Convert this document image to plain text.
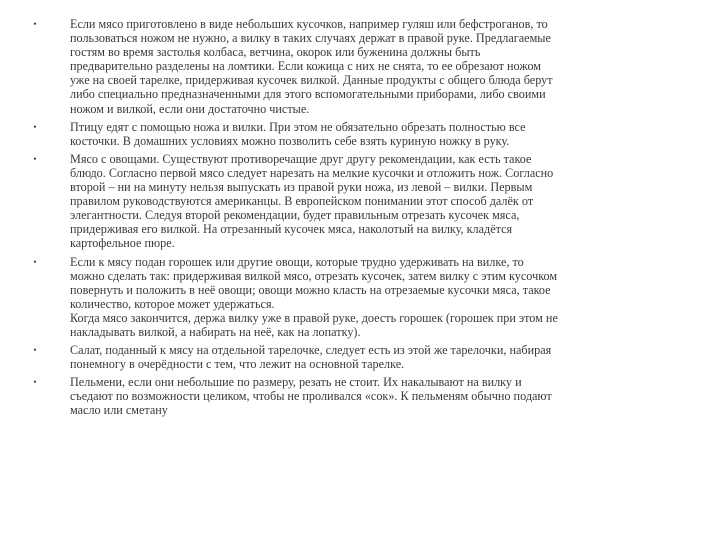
•	Если мясо приготовлено в виде небольших кусочков, например гуляш или бефстроганов, то
пользоваться ножом не нужно, а вилку в таких случаях держат в правой руке. Предлагаемые
гостям во время застолья колбаса, ветчина, окорок или буженина должны быть
предварительно разделены на ломтики. Если кожица с них не снята, то ее обрезают ножом
уже на своей тарелке, придерживая кусочек вилкой. Данные продукты с общего блюда берут
либо специально предназначенными для этого вспомогательными приборами, либо своими
ножом и вилкой, если они достаточно чистые.
•	Птицу едят с помощью ножа и вилки. При этом не обязательно обрезать полностью все
косточки. В домашних условиях можно позволить себе взять куриную ножку в руку.
•	Мясо с овощами. Существуют противоречащие друг другу рекомендации, как есть такое
блюдо. Согласно первой мясо следует нарезать на мелкие кусочки и отложить нож. Согласно
второй – ни на минуту нельзя выпускать из правой руки ножа, из левой – вилки. Первым
правилом руководствуются американцы. В европейском понимании этот способ далёк от
элегантности. Следуя второй рекомендации, будет правильным отрезать кусочек мяса,
придерживая его вилкой. На отрезанный кусочек мяса, наколотый на вилку, кладётся
картофельное пюре.
•	Если к мясу подан горошек или другие овощи, которые трудно удерживать на вилке, то
можно сделать так: придерживая вилкой мясо, отрезать кусочек, затем вилку с этим кусочком
повернуть и положить в неё овощи; овощи можно класть на отрезаемые кусочки мяса, такое
количество, которое может удержаться.
Когда мясо закончится, держа вилку уже в правой руке, доесть горошек (горошек при этом не
накладывать вилкой, а набирать на неё, как на лопатку).
•	Салат, поданный к мясу на отдельной тарелочке, следует есть из этой же тарелочки, набирая
понемногу в очерёдности с тем, что лежит на основной тарелке.
•	Пельмени, если они небольшие по размеру, резать не стоит. Их накалывают на вилку и
съедают по возможности целиком, чтобы не проливался «сок». К пельменям обычно подают
масло или сметану
